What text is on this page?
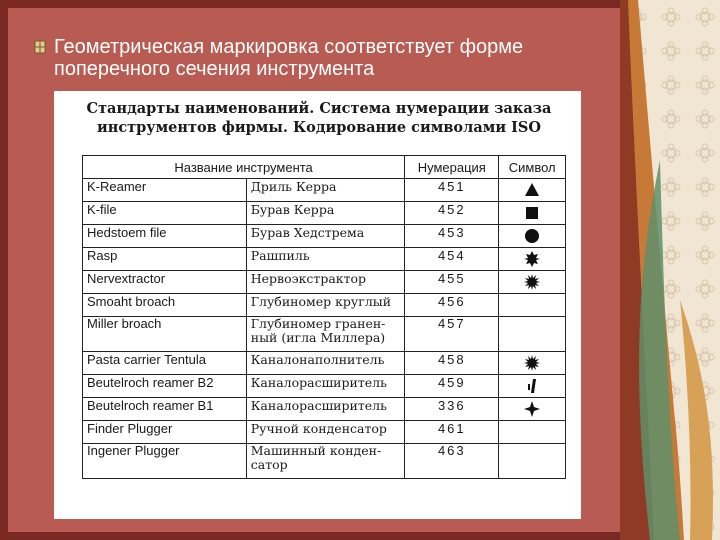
Геометрическая маркировка соответствует форме поперечного сечения инструмента
Стандарты наименований. Система нумерации заказа инструментов фирмы. Кодирование символами ISO
Название инструмента		Нумерация	Символ
K-Reamer	Дриль Керра	451	

K-file	Бурав Керра	452	

Hedstoem file	Бурав Хедстрема	453	

Rasp	Рашпиль	454	

Nervextractor	Нервоэкстрактор	455	

Smoaht broach	Глубиномер круглый	456	
Miller broach	Глубиномер гранен-ный (игла Миллера)	457	
Pasta carrier Tentula	Каналонаполнитель	458	

Beutelroch reamer B2	Каналорасширитель	459	

Beutelroch reamer B1	Каналорасширитель	336	

Finder Plugger	Ручной конденсатор	461	
Ingener Plugger	Машинный конден-сатор	463	
